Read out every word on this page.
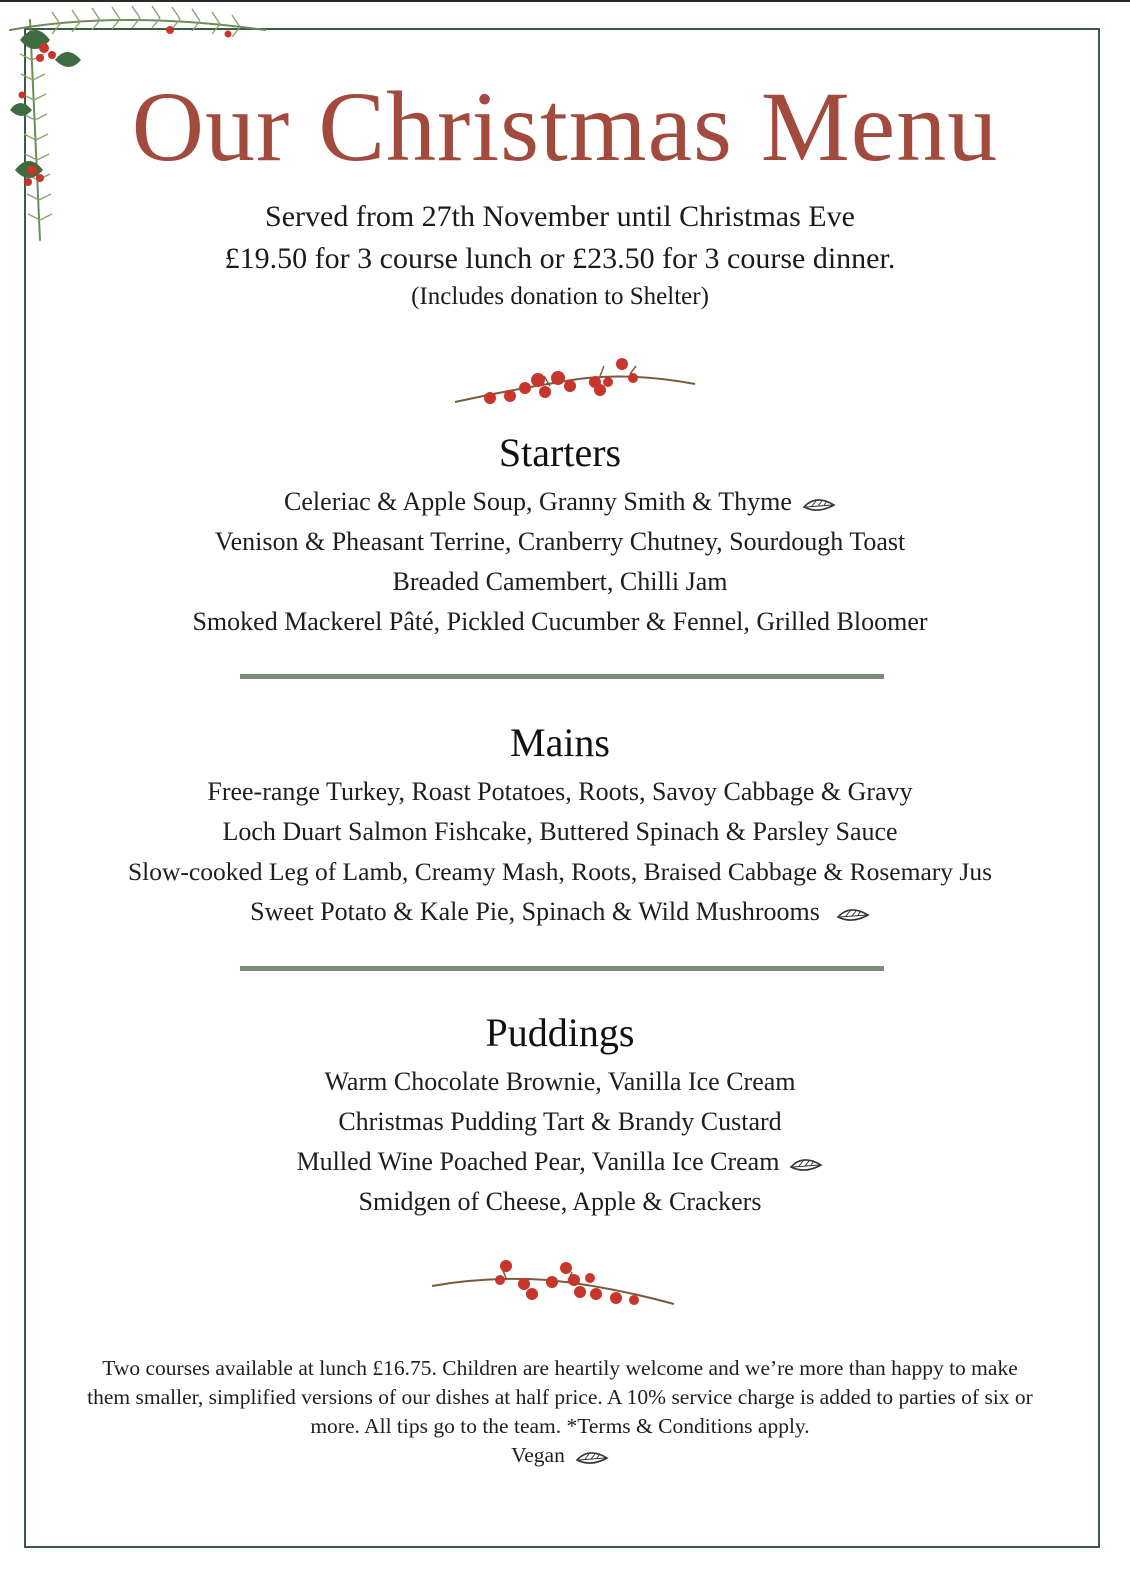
Our Christmas Menu
Served from 27th November until Christmas Eve
£19.50 for 3 course lunch or £23.50 for 3 course dinner.
(Includes donation to Shelter)
Starters
Celeriac & Apple Soup, Granny Smith & Thyme
Venison & Pheasant Terrine, Cranberry Chutney, Sourdough Toast
Breaded Camembert, Chilli Jam
Smoked Mackerel Pâté, Pickled Cucumber & Fennel, Grilled Bloomer
Mains
Free-range Turkey, Roast Potatoes, Roots, Savoy Cabbage & Gravy
Loch Duart Salmon Fishcake, Buttered Spinach & Parsley Sauce
Slow-cooked Leg of Lamb, Creamy Mash, Roots, Braised Cabbage & Rosemary Jus
Sweet Potato & Kale Pie, Spinach & Wild Mushrooms
Puddings
Warm Chocolate Brownie, Vanilla Ice Cream
Christmas Pudding Tart & Brandy Custard
Mulled Wine Poached Pear, Vanilla Ice Cream
Smidgen of Cheese, Apple & Crackers
Two courses available at lunch £16.75. Children are heartily welcome and we’re more than happy to make them smaller, simplified versions of our dishes at half price. A 10% service charge is added to parties of six or more. All tips go to the team. *Terms & Conditions apply.
Vegan
